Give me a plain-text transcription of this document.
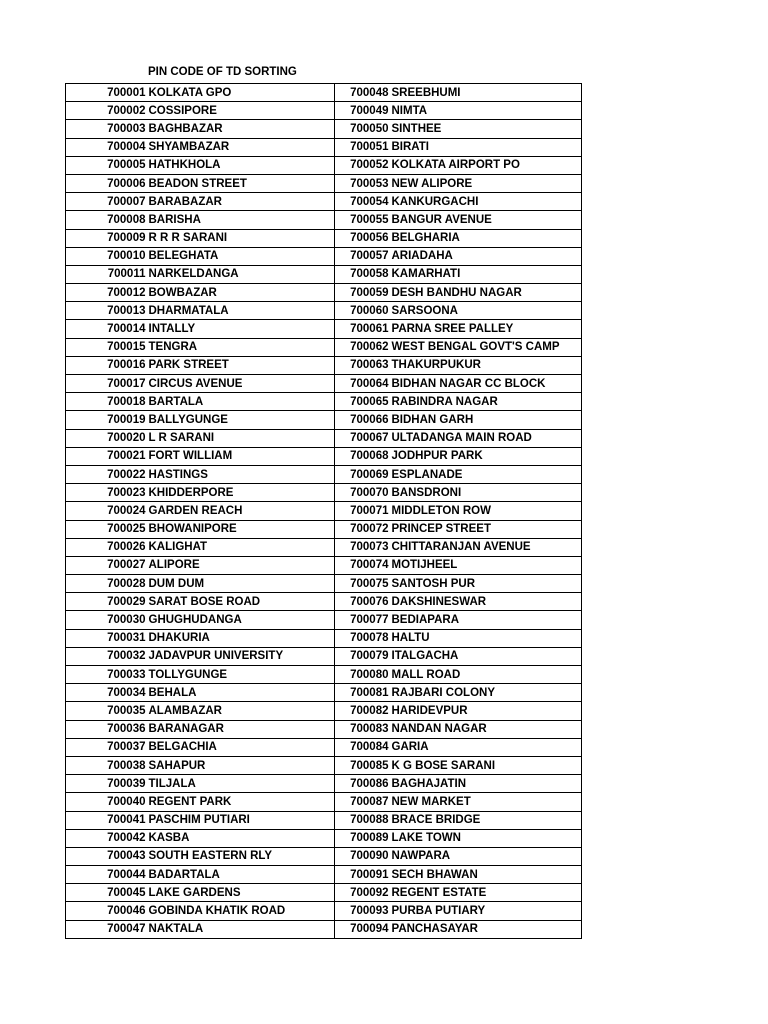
PIN CODE OF TD SORTING
700001	KOLKATA GPO	700048	SREEBHUMI
700002	COSSIPORE	700049	NIMTA
700003	BAGHBAZAR	700050	SINTHEE
700004	SHYAMBAZAR	700051	BIRATI
700005	HATHKHOLA	700052	KOLKATA AIRPORT PO
700006	BEADON STREET	700053	NEW ALIPORE
700007	BARABAZAR	700054	KANKURGACHI
700008	BARISHA	700055	BANGUR AVENUE
700009	R R R SARANI	700056	BELGHARIA
700010	BELEGHATA	700057	ARIADAHA
700011	NARKELDANGA	700058	KAMARHATI
700012	BOWBAZAR	700059	DESH BANDHU NAGAR
700013	DHARMATALA	700060	SARSOONA
700014	INTALLY	700061	PARNA SREE PALLEY
700015	TENGRA	700062	WEST BENGAL GOVT'S CAMP
700016	PARK STREET	700063	THAKURPUKUR
700017	CIRCUS AVENUE	700064	BIDHAN NAGAR CC BLOCK
700018	BARTALA	700065	RABINDRA NAGAR
700019	BALLYGUNGE	700066	BIDHAN GARH
700020	L R SARANI	700067	ULTADANGA MAIN ROAD
700021	FORT WILLIAM	700068	JODHPUR PARK
700022	HASTINGS	700069	ESPLANADE
700023	KHIDDERPORE	700070	BANSDRONI
700024	GARDEN REACH	700071	MIDDLETON ROW
700025	BHOWANIPORE	700072	PRINCEP STREET
700026	KALIGHAT	700073	CHITTARANJAN AVENUE
700027	ALIPORE	700074	MOTIJHEEL
700028	DUM DUM	700075	SANTOSH PUR
700029	SARAT BOSE ROAD	700076	DAKSHINESWAR
700030	GHUGHUDANGA	700077	BEDIAPARA
700031	DHAKURIA	700078	HALTU
700032	JADAVPUR UNIVERSITY	700079	ITALGACHA
700033	TOLLYGUNGE	700080	MALL ROAD
700034	BEHALA	700081	RAJBARI COLONY
700035	ALAMBAZAR	700082	HARIDEVPUR
700036	BARANAGAR	700083	NANDAN NAGAR
700037	BELGACHIA	700084	GARIA
700038	SAHAPUR	700085	K G BOSE SARANI
700039	TILJALA	700086	BAGHAJATIN
700040	REGENT PARK	700087	NEW MARKET
700041	PASCHIM PUTIARI	700088	BRACE BRIDGE
700042	KASBA	700089	LAKE TOWN
700043	SOUTH EASTERN RLY	700090	NAWPARA
700044	BADARTALA	700091	SECH BHAWAN
700045	LAKE GARDENS	700092	REGENT ESTATE
700046	GOBINDA KHATIK ROAD	700093	PURBA PUTIARY
700047	NAKTALA	700094	PANCHASAYAR
